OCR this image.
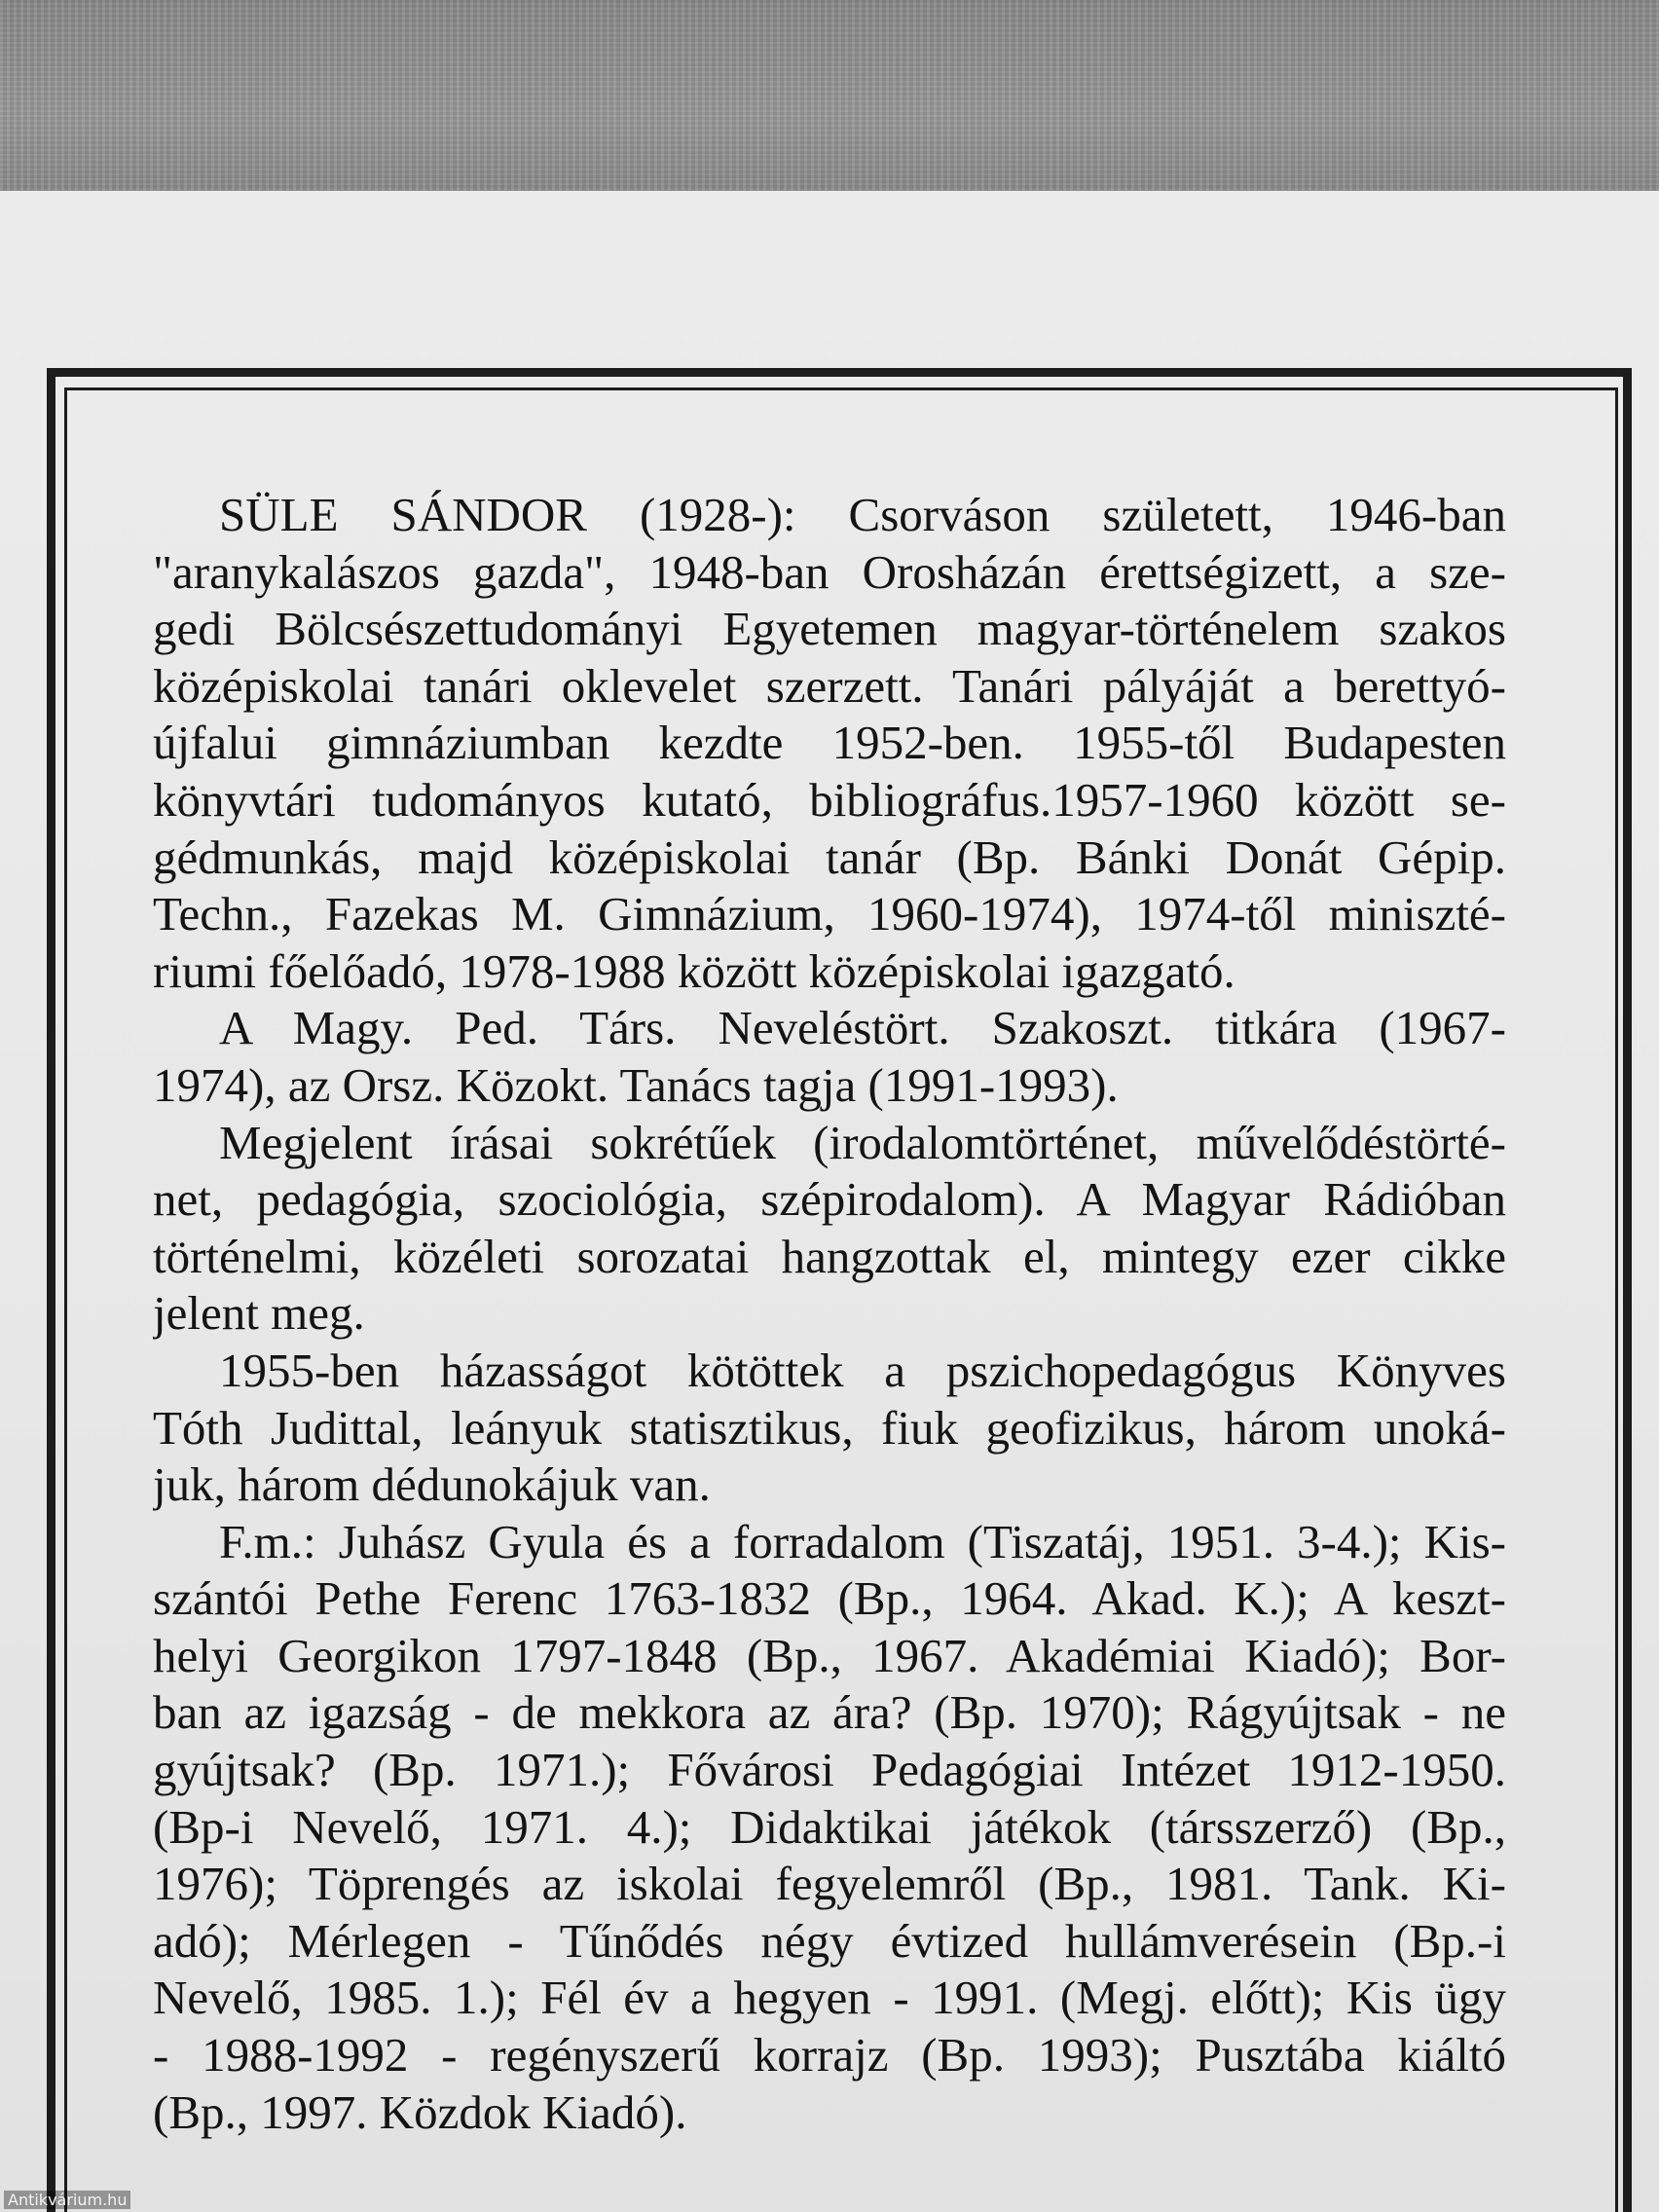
SÜLE SÁNDOR (1928-): Csorváson született, 1946-ban
"aranykalászos gazda", 1948-ban Orosházán érettségizett, a sze-
gedi Bölcsészettudományi Egyetemen magyar-történelem szakos
középiskolai tanári oklevelet szerzett. Tanári pályáját a berettyó-
újfalui gimnáziumban kezdte 1952-ben. 1955-től Budapesten
könyvtári tudományos kutató, bibliográfus.1957-1960 között se-
gédmunkás, majd középiskolai tanár (Bp. Bánki Donát Gépip.
Techn., Fazekas M. Gimnázium, 1960-1974), 1974-től miniszté-
riumi főelőadó, 1978-1988 között középiskolai igazgató.
A Magy. Ped. Társ. Neveléstört. Szakoszt. titkára (1967-
1974), az Orsz. Közokt. Tanács tagja (1991-1993).
Megjelent írásai sokrétűek (irodalomtörténet, művelődéstörté-
net, pedagógia, szociológia, szépirodalom). A Magyar Rádióban
történelmi, közéleti sorozatai hangzottak el, mintegy ezer cikke
jelent meg.
1955-ben házasságot kötöttek a pszichopedagógus Könyves
Tóth Judittal, leányuk statisztikus, fiuk geofizikus, három unoká-
juk, három dédunokájuk van.
F.m.: Juhász Gyula és a forradalom (Tiszatáj, 1951. 3-4.); Kis-
szántói Pethe Ferenc 1763-1832 (Bp., 1964. Akad. K.); A keszt-
helyi Georgikon 1797-1848 (Bp., 1967. Akadémiai Kiadó); Bor-
ban az igazság - de mekkora az ára? (Bp. 1970); Rágyújtsak - ne
gyújtsak? (Bp. 1971.); Fővárosi Pedagógiai Intézet 1912-1950.
(Bp-i Nevelő, 1971. 4.); Didaktikai játékok (társszerző) (Bp.,
1976); Töprengés az iskolai fegyelemről (Bp., 1981. Tank. Ki-
adó); Mérlegen - Tűnődés négy évtized hullámverésein (Bp.-i
Nevelő, 1985. 1.); Fél év a hegyen - 1991. (Megj. előtt); Kis ügy
- 1988-1992 - regényszerű korrajz (Bp. 1993); Pusztába kiáltó
(Bp., 1997. Közdok Kiadó).
Antikvárium.hu
